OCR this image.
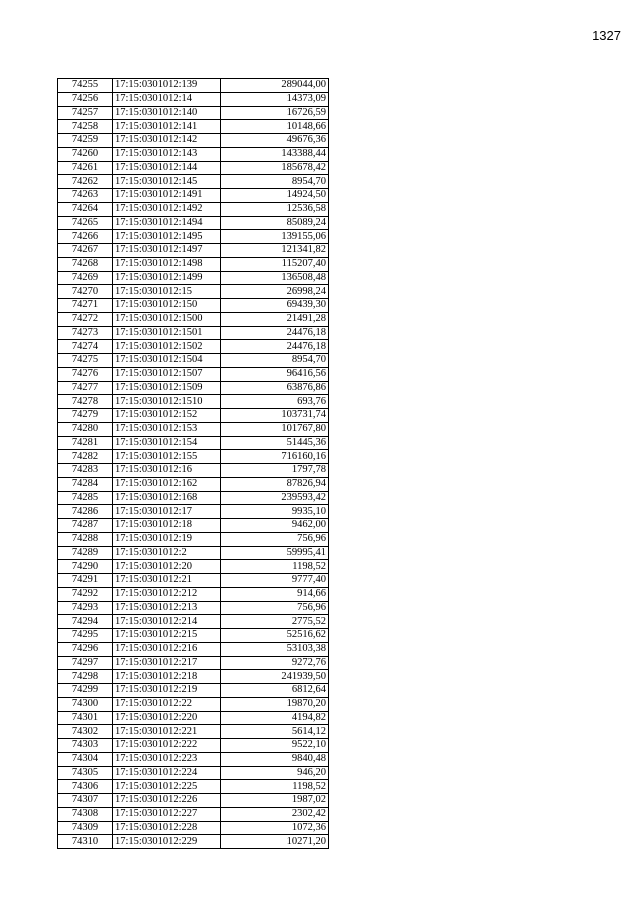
1327
74255	17:15:0301012:139	289044,00
74256	17:15:0301012:14	14373,09
74257	17:15:0301012:140	16726,59
74258	17:15:0301012:141	10148,66
74259	17:15:0301012:142	49676,36
74260	17:15:0301012:143	143388,44
74261	17:15:0301012:144	185678,42
74262	17:15:0301012:145	8954,70
74263	17:15:0301012:1491	14924,50
74264	17:15:0301012:1492	12536,58
74265	17:15:0301012:1494	85089,24
74266	17:15:0301012:1495	139155,06
74267	17:15:0301012:1497	121341,82
74268	17:15:0301012:1498	115207,40
74269	17:15:0301012:1499	136508,48
74270	17:15:0301012:15	26998,24
74271	17:15:0301012:150	69439,30
74272	17:15:0301012:1500	21491,28
74273	17:15:0301012:1501	24476,18
74274	17:15:0301012:1502	24476,18
74275	17:15:0301012:1504	8954,70
74276	17:15:0301012:1507	96416,56
74277	17:15:0301012:1509	63876,86
74278	17:15:0301012:1510	693,76
74279	17:15:0301012:152	103731,74
74280	17:15:0301012:153	101767,80
74281	17:15:0301012:154	51445,36
74282	17:15:0301012:155	716160,16
74283	17:15:0301012:16	1797,78
74284	17:15:0301012:162	87826,94
74285	17:15:0301012:168	239593,42
74286	17:15:0301012:17	9935,10
74287	17:15:0301012:18	9462,00
74288	17:15:0301012:19	756,96
74289	17:15:0301012:2	59995,41
74290	17:15:0301012:20	1198,52
74291	17:15:0301012:21	9777,40
74292	17:15:0301012:212	914,66
74293	17:15:0301012:213	756,96
74294	17:15:0301012:214	2775,52
74295	17:15:0301012:215	52516,62
74296	17:15:0301012:216	53103,38
74297	17:15:0301012:217	9272,76
74298	17:15:0301012:218	241939,50
74299	17:15:0301012:219	6812,64
74300	17:15:0301012:22	19870,20
74301	17:15:0301012:220	4194,82
74302	17:15:0301012:221	5614,12
74303	17:15:0301012:222	9522,10
74304	17:15:0301012:223	9840,48
74305	17:15:0301012:224	946,20
74306	17:15:0301012:225	1198,52
74307	17:15:0301012:226	1987,02
74308	17:15:0301012:227	2302,42
74309	17:15:0301012:228	1072,36
74310	17:15:0301012:229	10271,20
